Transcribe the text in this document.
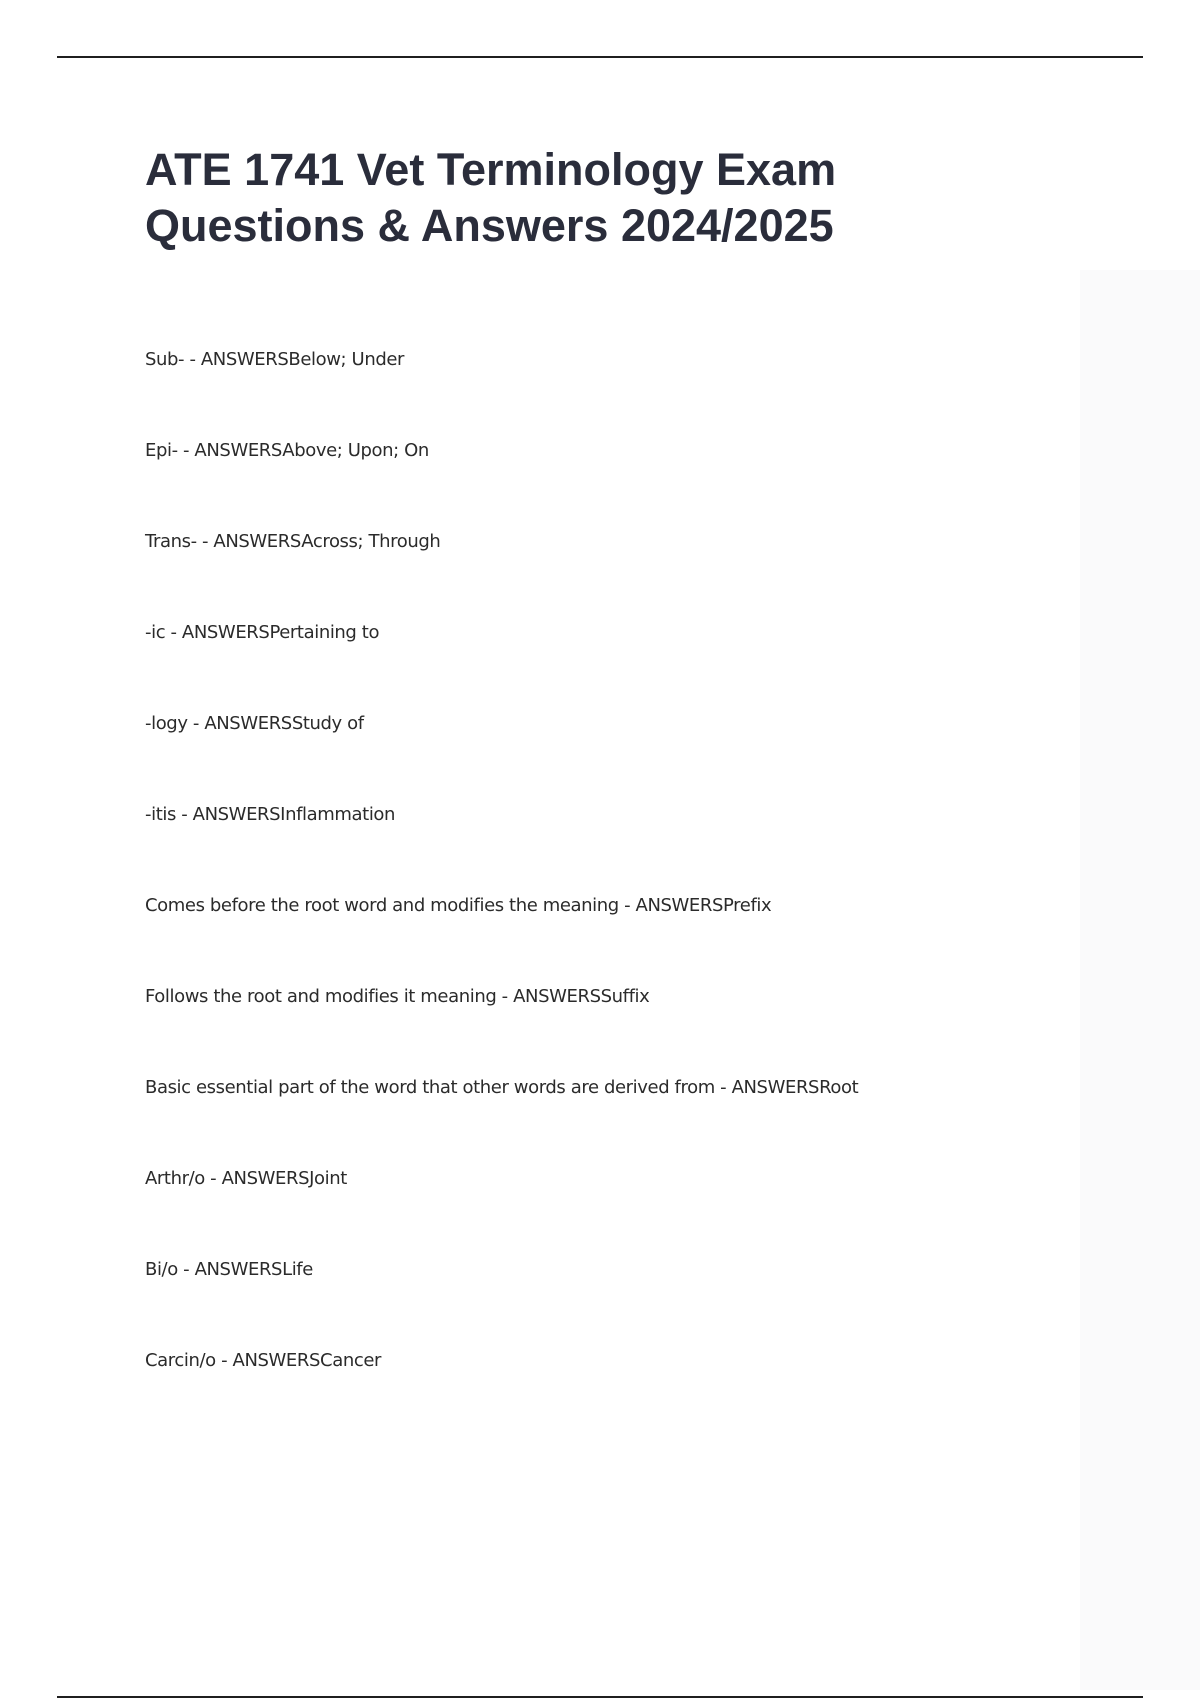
ATE 1741 Vet Terminology Exam
Questions & Answers 2024/2025
Sub- - ANSWERSBelow; Under
Epi- - ANSWERSAbove; Upon; On
Trans- - ANSWERSAcross; Through
-ic - ANSWERSPertaining to
-logy - ANSWERSStudy of
-itis - ANSWERSInflammation
Comes before the root word and modifies the meaning - ANSWERSPrefix
Follows the root and modifies it meaning - ANSWERSSuffix
Basic essential part of the word that other words are derived from - ANSWERSRoot
Arthr/o - ANSWERSJoint
Bi/o - ANSWERSLife
Carcin/o - ANSWERSCancer
